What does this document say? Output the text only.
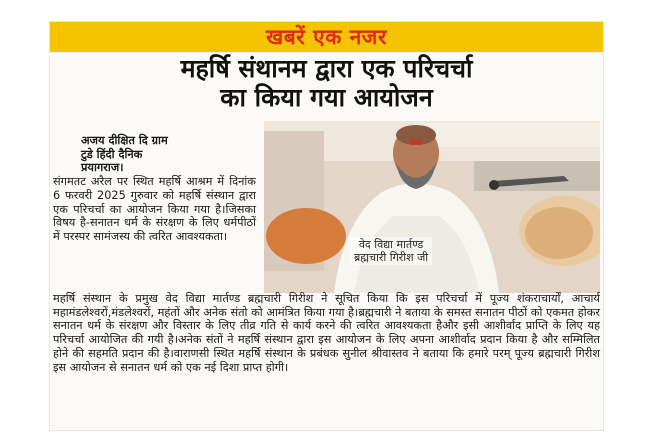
खबरें एक नजर
महर्षि संथानम द्वारा एक परिचर्चा
का किया गया आयोजन
वेद विद्या मार्तण्ड
ब्रह्मचारी गिरीश जी
अजय दीक्षित दि ग्राम
टुडे हिंदी दैनिक
प्रयागराज।
संगमतट अरैल पर स्थित महर्षि आश्रम में दिनांक 6 फरवरी 2025 गुरुवार को महर्षि संस्थान द्वारा एक परिचर्चा का आयोजन किया गया है।जिसका विषय है-सनातन धर्म के संरक्षण के लिए धर्मपीठों में परस्पर सामंजस्य की त्वरित आवश्यकता।
महर्षि संस्थान के प्रमुख वेद विद्या मार्तण्ड ब्रह्मचारी गिरीश ने सूचित किया कि इस परिचर्चा में पूज्य शंकराचार्यों, आचार्य महामंडलेश्वरों,मंडलेश्वरों, महंतों और अनेक संतो को आमंत्रित किया गया है।ब्रह्मचारी ने बताया के समस्त सनातन पीठों को एकमत होकर सनातन धर्म के संरक्षण और विस्तार के लिए तीव्र गति से कार्य करने की त्वरित आवश्यकता हैऔर इसी आशीर्वाद प्राप्ति के लिए यह परिचर्चा आयोजित की गयी है।अनेक संतों ने महर्षि संस्थान द्वारा इस आयोजन के लिए अपना आशीर्वाद प्रदान किया है और सम्मिलित होने की सहमति प्रदान की है।वाराणसी स्थित महर्षि संस्थान के प्रबंधक सुनील श्रीवास्तव ने बताया कि हमारे परम् पूज्य ब्रह्मचारी गिरीश इस आयोजन से सनातन धर्म को एक नई दिशा प्राप्त होगी।
